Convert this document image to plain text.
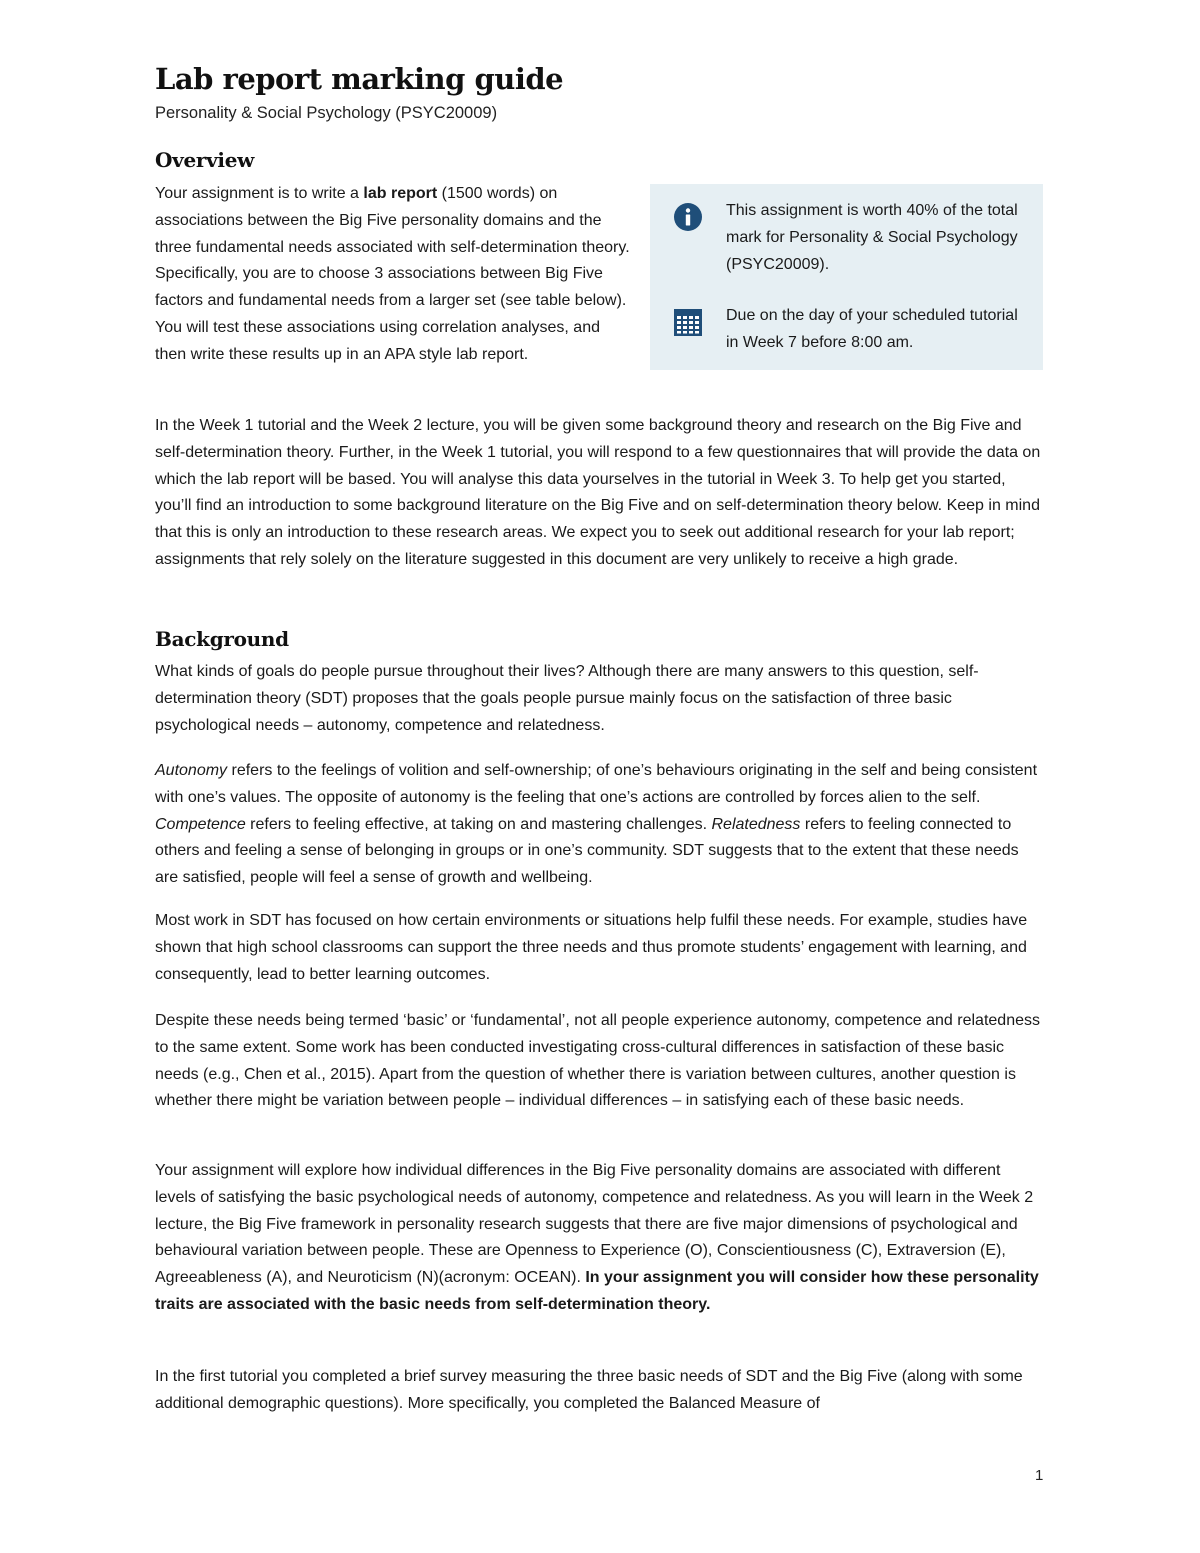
Lab report marking guide

Personality & Social Psychology (PSYC20009)

Overview

Your assignment is to write a lab report (1500 words) on associations between the Big Five personality domains and the three fundamental needs associated with self-determination theory. Specifically, you are to choose 3 associations between Big Five factors and fundamental needs from a larger set (see table below). You will test these associations using correlation analyses, and then write these results up in an APA style lab report.

This assignment is worth 40% of the total mark for Personality & Social Psychology (PSYC20009).

Due on the day of your scheduled tutorial in Week 7 before 8:00 am.

In the Week 1 tutorial and the Week 2 lecture, you will be given some background theory and research on the Big Five and self-determination theory. Further, in the Week 1 tutorial, you will respond to a few questionnaires that will provide the data on which the lab report will be based. You will analyse this data yourselves in the tutorial in Week 3. To help get you started, you’ll find an introduction to some background literature on the Big Five and on self-determination theory below. Keep in mind that this is only an introduction to these research areas. We expect you to seek out additional research for your lab report; assignments that rely solely on the literature suggested in this document are very unlikely to receive a high grade.

Background

What kinds of goals do people pursue throughout their lives? Although there are many answers to this question, self-determination theory (SDT) proposes that the goals people pursue mainly focus on the satisfaction of three basic psychological needs – autonomy, competence and relatedness.

Autonomy refers to the feelings of volition and self-ownership; of one’s behaviours originating in the self and being consistent with one’s values. The opposite of autonomy is the feeling that one’s actions are controlled by forces alien to the self. Competence refers to feeling effective, at taking on and mastering challenges. Relatedness refers to feeling connected to others and feeling a sense of belonging in groups or in one’s community. SDT suggests that to the extent that these needs are satisfied, people will feel a sense of growth and wellbeing.

Most work in SDT has focused on how certain environments or situations help fulfil these needs. For example, studies have shown that high school classrooms can support the three needs and thus promote students’ engagement with learning, and consequently, lead to better learning outcomes.

Despite these needs being termed ‘basic’ or ‘fundamental’, not all people experience autonomy, competence and relatedness to the same extent. Some work has been conducted investigating cross-cultural differences in satisfaction of these basic needs (e.g., Chen et al., 2015). Apart from the question of whether there is variation between cultures, another question is whether there might be variation between people – individual differences – in satisfying each of these basic needs.

Your assignment will explore how individual differences in the Big Five personality domains are associated with different levels of satisfying the basic psychological needs of autonomy, competence and relatedness. As you will learn in the Week 2 lecture, the Big Five framework in personality research suggests that there are five major dimensions of psychological and behavioural variation between people. These are Openness to Experience (O), Conscientiousness (C), Extraversion (E), Agreeableness (A), and Neuroticism (N)(acronym: OCEAN). In your assignment you will consider how these personality traits are associated with the basic needs from self-determination theory.

In the first tutorial you completed a brief survey measuring the three basic needs of SDT and the Big Five (along with some additional demographic questions). More specifically, you completed the Balanced Measure of

1
